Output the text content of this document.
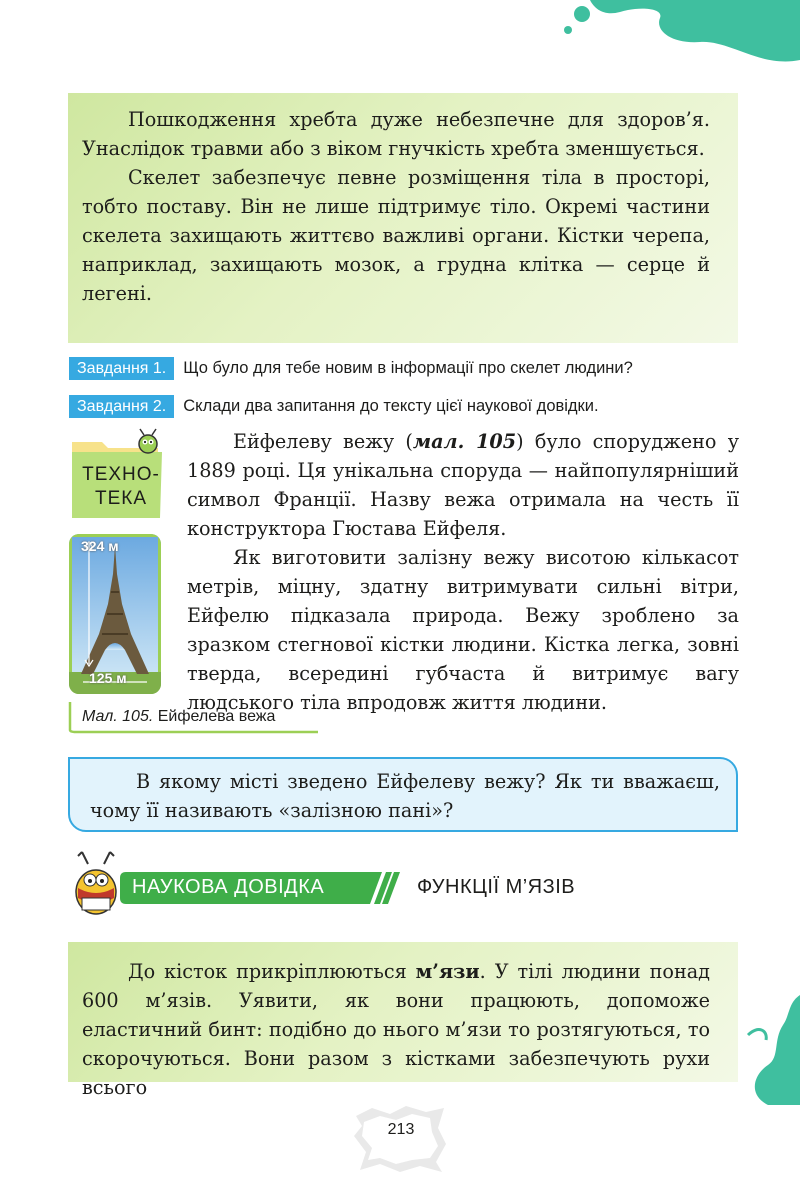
Пошкодження хребта дуже небезпечне для здоров’я. Унаслідок травми або з віком гнучкість хребта зменшується.

Скелет забезпечує певне розміщення тіла в просторі, тобто поставу. Він не лише підтримує тіло. Окремі частини скелета захищають життєво важливі органи. Кістки черепа, наприклад, захищають мозок, а грудна клітка — серце й легені.

Завдання 1.	Що було для тебе новим в інформації про скелет людини?
Завдання 2.	Склади два запитання до тексту цієї наукової довідки.
ТЕХНО-
ТЕКА
324 м
125 м

Ейфелеву вежу (мал. 105) було споруджено у 1889 році. Ця унікальна споруда — найпопулярніший символ Франції. Назву вежа отримала на честь її конструктора Гюстава Ейфеля.

Як виготовити залізну вежу висотою кількасот метрів, міцну, здатну витримувати сильні вітри, Ейфелю підказала природа. Вежу зроблено за зразком стегнової кістки людини. Кістка легка, зовні тверда, всередині губчаста й витримує вагу людського тіла впродовж життя людини.

Мал. 105. Ейфелева вежа

В якому місті зведено Ейфелеву вежу? Як ти вважаєш, чому її називають «залізною пані»?

НАУКОВА ДОВІДКА	ФУНКЦІЇ М’ЯЗІВ

До кісток прикріплюються м’язи. У тілі людини понад 600 м’язів. Уявити, як вони працюють, допоможе еластичний бинт: подібно до нього м’язи то розтягуються, то скорочуються. Вони разом з кістками забезпечують рухи всього

213
